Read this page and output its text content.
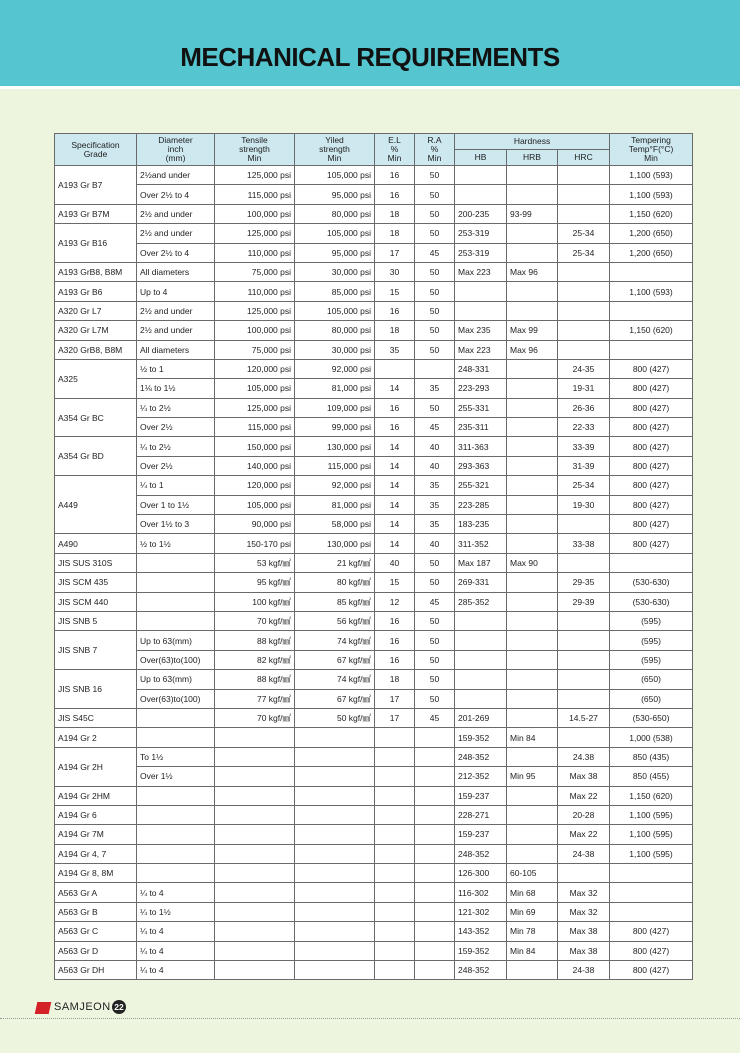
MECHANICAL REQUIREMENTS
Specification
Grade	Diameter
inch
(mm)	Tensile
strength
Min	Yiled
strength
Min	E.L
%
Min	R.A
%
Min	Hardness			Tempering
Temp°F(°C)
Min
						HB	HRB	HRC	
A193 Gr B7	2½and under	125,000 psi	105,000 psi	16	50				1,100 (593)
	Over 2½ to 4	115,000 psi	95,000 psi	16	50				1,100 (593)
A193 Gr B7M	2½ and under	100,000 psi	80,000 psi	18	50	200-235	93-99		1,150 (620)
A193 Gr B16	2½ and under	125,000 psi	105,000 psi	18	50	253-319		25-34	1,200 (650)
	Over 2½ to 4	110,000 psi	95,000 psi	17	45	253-319		25-34	1,200 (650)
A193 GrB8, B8M	All diameters	75,000 psi	30,000 psi	30	50	Max 223	Max 96		
A193 Gr B6	Up to 4	110,000 psi	85,000 psi	15	50				1,100 (593)
A320 Gr L7	2½ and under	125,000 psi	105,000 psi	16	50				
A320 Gr L7M	2½ and under	100,000 psi	80,000 psi	18	50	Max 235	Max 99		1,150 (620)
A320 GrB8, B8M	All diameters	75,000 psi	30,000 psi	35	50	Max 223	Max 96		
A325	½ to 1	120,000 psi	92,000 psi			248-331		24-35	800 (427)
	1⅛ to 1½	105,000 psi	81,000 psi	14	35	223-293		19-31	800 (427)
A354 Gr BC	¼ to 2½	125,000 psi	109,000 psi	16	50	255-331		26-36	800 (427)
	Over 2½	115,000 psi	99,000 psi	16	45	235-311		22-33	800 (427)
A354 Gr BD	¼ to 2½	150,000 psi	130,000 psi	14	40	311-363		33-39	800 (427)
	Over 2½	140,000 psi	115,000 psi	14	40	293-363		31-39	800 (427)
A449	¼ to 1	120,000 psi	92,000 psi	14	35	255-321		25-34	800 (427)
	Over 1 to 1½	105,000 psi	81,000 psi	14	35	223-285		19-30	800 (427)
	Over 1½ to 3	90,000 psi	58,000 psi	14	35	183-235			800 (427)
A490	½ to 1½	150-170 psi	130,000 psi	14	40	311-352		33-38	800 (427)
JIS SUS 310S		53 kgf/㎟	21 kgf/㎟	40	50	Max 187	Max 90		
JIS SCM 435		95 kgf/㎟	80 kgf/㎟	15	50	269-331		29-35	(530-630)
JIS SCM 440		100 kgf/㎟	85 kgf/㎟	12	45	285-352		29-39	(530-630)
JIS SNB 5		70 kgf/㎟	56 kgf/㎟	16	50				(595)
JIS SNB 7	Up to 63(mm)	88 kgf/㎟	74 kgf/㎟	16	50				(595)
	Over(63)to(100)	82 kgf/㎟	67 kgf/㎟	16	50				(595)
JIS SNB 16	Up to 63(mm)	88 kgf/㎟	74 kgf/㎟	18	50				(650)
	Over(63)to(100)	77 kgf/㎟	67 kgf/㎟	17	50				(650)
JIS S45C		70 kgf/㎟	50 kgf/㎟	17	45	201-269		14.5-27	(530-650)
A194 Gr 2						159-352	Min 84		1,000 (538)
A194 Gr 2H	To 1½					248-352		24.38	850 (435)
	Over 1½					212-352	Min 95	Max 38	850 (455)
A194 Gr 2HM						159-237		Max 22	1,150 (620)
A194 Gr 6						228-271		20-28	1,100 (595)
A194 Gr 7M						159-237		Max 22	1,100 (595)
A194 Gr 4, 7						248-352		24-38	1,100 (595)
A194 Gr 8, 8M						126-300	60-105		
A563 Gr A	¼ to 4					116-302	Min 68	Max 32	
A563 Gr B	¼ to 1½					121-302	Min 69	Max 32	
A563 Gr C	¼ to 4					143-352	Min 78	Max 38	800 (427)
A563 Gr D	¼ to 4					159-352	Min 84	Max 38	800 (427)
A563 Gr DH	¼ to 4					248-352		24-38	800 (427)
SAMJEON 22
